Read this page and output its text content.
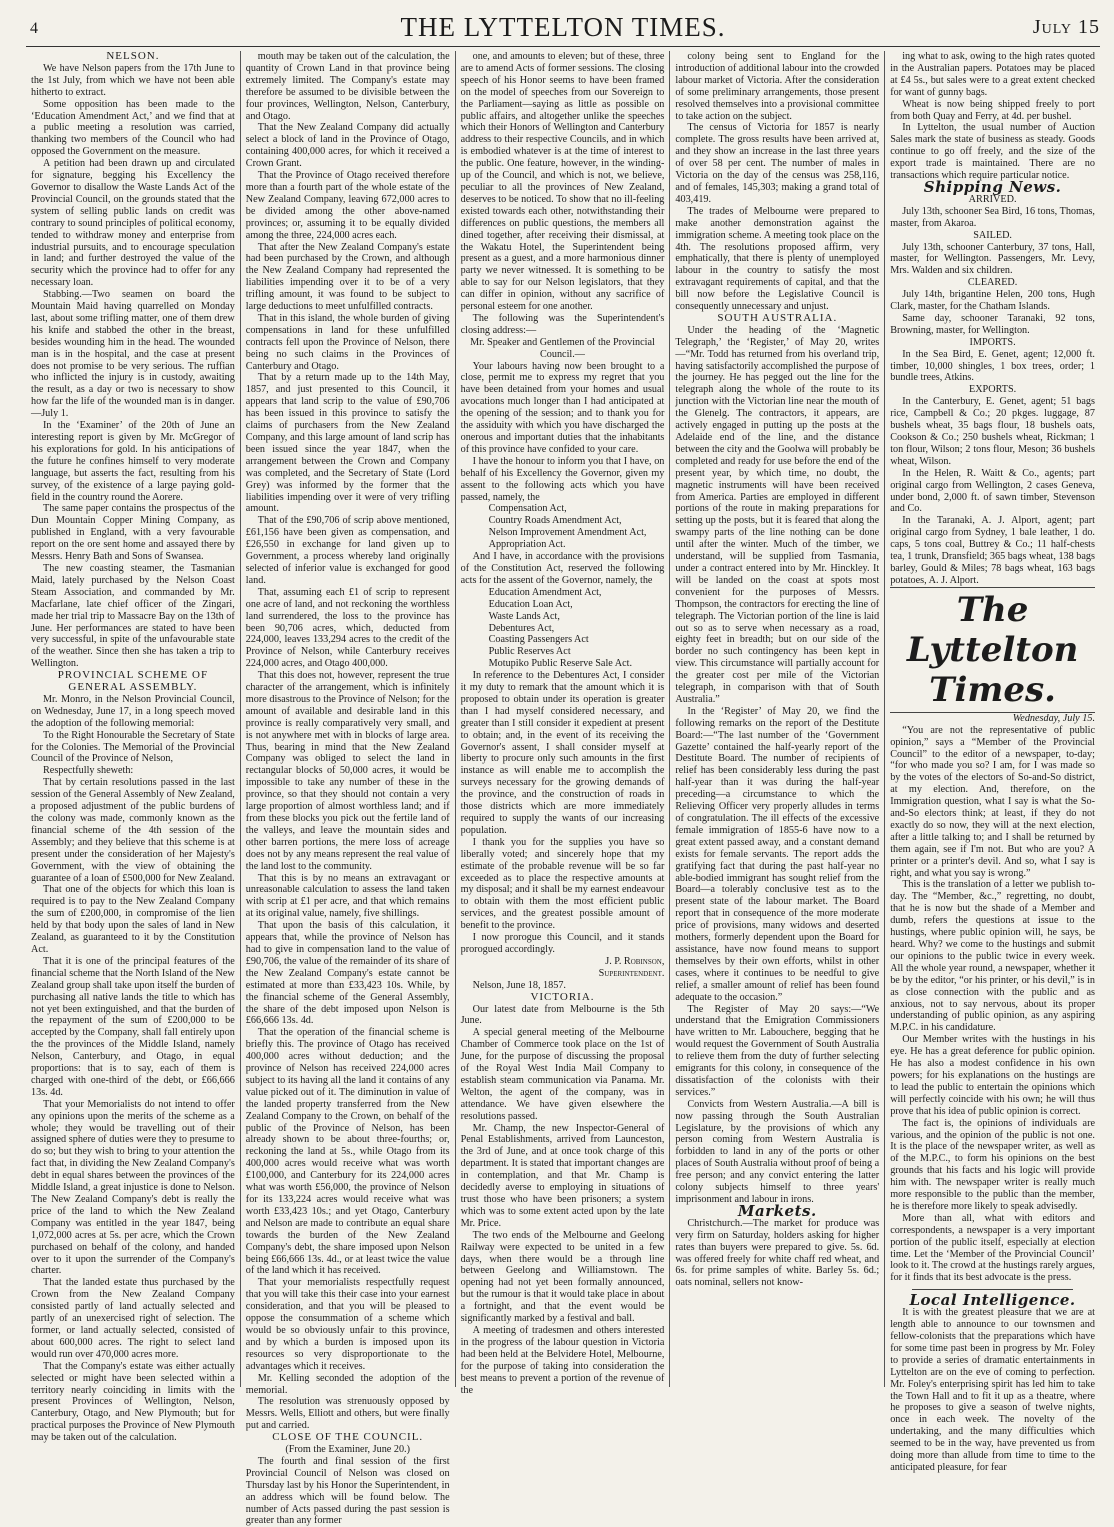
4	THE LYTTELTON TIMES.	July 15

NELSON.

We have Nelson papers from the 17th June to the 1st July, from which we have not been able hitherto to extract.

Some opposition has been made to the ‘Education Amendment Act,’ and we find that at a public meeting a resolution was carried, thanking two members of the Council who had opposed the Government on the measure.

A petition had been drawn up and circulated for signature, begging his Excellency the Governor to disallow the Waste Lands Act of the Provincial Council, on the grounds stated that the system of selling public lands on credit was contrary to sound principles of political economy, tended to withdraw money and enterprise from industrial pursuits, and to encourage speculation in land; and further destroyed the value of the security which the province had to offer for any necessary loan.

Stabbing.—Two seamen on board the Mountain Maid having quarrelled on Monday last, about some trifling matter, one of them drew his knife and stabbed the other in the breast, besides wounding him in the head. The wounded man is in the hospital, and the case at present does not promise to be very serious. The ruffian who inflicted the injury is in custody, awaiting the result, as a day or two is necessary to show how far the life of the wounded man is in danger.—July 1.

In the ‘Examiner’ of the 20th of June an interesting report is given by Mr. McGregor of his explorations for gold. In his anticipations of the future he confines himself to very moderate language, but asserts the fact, resulting from his survey, of the existence of a large paying gold-field in the country round the Aorere.

The same paper contains the prospectus of the Dun Mountain Copper Mining Company, as published in England, with a very favourable report on the ore sent home and assayed there by Messrs. Henry Bath and Sons of Swansea.

The new coasting steamer, the Tasmanian Maid, lately purchased by the Nelson Coast Steam Association, and commanded by Mr. Macfarlane, late chief officer of the Zingari, made her trial trip to Massacre Bay on the 13th of June. Her performances are stated to have been very successful, in spite of the unfavourable state of the weather. Since then she has taken a trip to Wellington.

PROVINCIAL SCHEME OF GENERAL ASSEMBLY.

Mr. Monro, in the Nelson Provincial Council, on Wednesday, June 17, in a long speech moved the adoption of the following memorial:

To the Right Honourable the Secretary of State for the Colonies. The Memorial of the Provincial Council of the Province of Nelson,

Respectfully sheweth:

That by certain resolutions passed in the last session of the General Assembly of New Zealand, a proposed adjustment of the public burdens of the colony was made, commonly known as the financial scheme of the 4th session of the Assembly; and they believe that this scheme is at present under the consideration of her Majesty's Government, with the view of obtaining the guarantee of a loan of £500,000 for New Zealand.

That one of the objects for which this loan is required is to pay to the New Zealand Company the sum of £200,000, in compromise of the lien held by that body upon the sales of land in New Zealand, as guaranteed to it by the Constitution Act.

That it is one of the principal features of the financial scheme that the North Island of the New Zealand group shall take upon itself the burden of purchasing all native lands the title to which has not yet been extinguished, and that the burden of the repayment of the sum of £200,000 to be accepted by the Company, shall fall entirely upon the the provinces of the Middle Island, namely Nelson, Canterbury, and Otago, in equal proportions: that is to say, each of them is charged with one-third of the debt, or £66,666 13s. 4d.

That your Memorialists do not intend to offer any opinions upon the merits of the scheme as a whole; they would be travelling out of their assigned sphere of duties were they to presume to do so; but they wish to bring to your attention the fact that, in dividing the New Zealand Company's debt in equal shares between the provinces of the Middle Island, a great injustice is done to Nelson. The New Zealand Company's debt is really the price of the land to which the New Zealand Company was entitled in the year 1847, being 1,072,000 acres at 5s. per acre, which the Crown purchased on behalf of the colony, and handed over to it upon the surrender of the Company's charter.

That the landed estate thus purchased by the Crown from the New Zealand Company consisted partly of land actually selected and partly of an unexercised right of selection. The former, or land actually selected, consisted of about 600,000 acres. The right to select land would run over 470,000 acres more.

That the Company's estate was either actually selected or might have been selected within a territory nearly coinciding in limits with the present Provinces of Wellington, Nelson, Canterbury, Otago, and New Plymouth; but for practical purposes the Province of New Plymouth may be taken out of the calculation.

mouth may be taken out of the calculation, the quantity of Crown Land in that province being extremely limited. The Company's estate may therefore be assumed to be divisible between the four provinces, Wellington, Nelson, Canterbury, and Otago.

That the New Zealand Company did actually select a block of land in the Province of Otago, containing 400,000 acres, for which it received a Crown Grant.

That the Province of Otago received therefore more than a fourth part of the whole estate of the New Zealand Company, leaving 672,000 acres to be divided among the other above-named provinces; or, assuming it to be equally divided among the three, 224,000 acres each.

That after the New Zealand Company's estate had been purchased by the Crown, and although the New Zealand Company had represented the liabilities impending over it to be of a very trifling amount, it was found to be subject to large deductions to meet unfulfilled contracts.

That in this island, the whole burden of giving compensations in land for these unfulfilled contracts fell upon the Province of Nelson, there being no such claims in the Provinces of Canterbury and Otago.

That by a return made up to the 14th May, 1857, and just presented to this Council, it appears that land scrip to the value of £90,706 has been issued in this province to satisfy the claims of purchasers from the New Zealand Company, and this large amount of land scrip has been issued since the year 1847, when the arrangement between the Crown and Company was completed, and the Secretary of State (Lord Grey) was informed by the former that the liabilities impending over it were of very trifling amount.

That of the £90,706 of scrip above mentioned, £61,156 have been given as compensation, and £26,550 in exchange for land given up to Government, a process whereby land originally selected of inferior value is exchanged for good land.

That, assuming each £1 of scrip to represent one acre of land, and not reckoning the worthless land surrendered, the loss to the province has been 90,706 acres, which, deducted from 224,000, leaves 133,294 acres to the credit of the Province of Nelson, while Canterbury receives 224,000 acres, and Otago 400,000.

That this does not, however, represent the true character of the arrangement, which is infinitely more disastrous to the Province of Nelson; for the amount of available and desirable land in this province is really comparatively very small, and is not anywhere met with in blocks of large area. Thus, bearing in mind that the New Zealand Company was obliged to select the land in rectangular blocks of 50,000 acres, it would be impossible to take any number of these in the province, so that they should not contain a very large proportion of almost worthless land; and if from these blocks you pick out the fertile land of the valleys, and leave the mountain sides and other barren portions, the mere loss of acreage does not by any means represent the real value of the land lost to the community.

That this is by no means an extravagant or unreasonable calculation to assess the land taken with scrip at £1 per acre, and that which remains at its original value, namely, five shillings.

That upon the basis of this calculation, it appears that, while the province of Nelson has had to give in compensation land to the value of £90,706, the value of the remainder of its share of the New Zealand Company's estate cannot be estimated at more than £33,423 10s. While, by the financial scheme of the General Assembly, the share of the debt imposed upon Nelson is £66,666 13s. 4d.

That the operation of the financial scheme is briefly this. The province of Otago has received 400,000 acres without deduction; and the province of Nelson has received 224,000 acres subject to its having all the land it contains of any value picked out of it. The diminution in value of the landed property transferred from the New Zealand Company to the Crown, on behalf of the public of the Province of Nelson, has been already shown to be about three-fourths; or, reckoning the land at 5s., while Otago from its 400,000 acres would receive what was worth £100,000, and Canterbury for its 224,000 acres what was worth £56,000, the province of Nelson for its 133,224 acres would receive what was worth £33,423 10s.; and yet Otago, Canterbury and Nelson are made to contribute an equal share towards the burden of the New Zealand Company's debt, the share imposed upon Nelson being £66,666 13s. 4d., or at least twice the value of the land which it has received.

That your memorialists respectfully request that you will take this their case into your earnest consideration, and that you will be pleased to oppose the consummation of a scheme which would be so obviously unfair to this province, and by which a burden is imposed upon its resources so very disproportionate to the advantages which it receives.

Mr. Kelling seconded the adoption of the memorial.

The resolution was strenuously opposed by Messrs. Wells, Elliott and others, but were finally put and carried.

CLOSE OF THE COUNCIL.

(From the Examiner, June 20.)

The fourth and final session of the first Provincial Council of Nelson was closed on Thursday last by his Honor the Superintendent, in an address which will be found below. The number of Acts passed during the past session is greater than any former

one, and amounts to eleven; but of these, three are to amend Acts of former sessions. The closing speech of his Honor seems to have been framed on the model of speeches from our Sovereign to the Parliament—saying as little as possible on public affairs, and altogether unlike the speeches which their Honors of Wellington and Canterbury address to their respective Councils, and in which is embodied whatever is at the time of interest to the public. One feature, however, in the winding-up of the Council, and which is not, we believe, peculiar to all the provinces of New Zealand, deserves to be noticed. To show that no ill-feeling existed towards each other, notwithstanding their differences on public questions, the members all dined together, after receiving their dismissal, at the Wakatu Hotel, the Superintendent being present as a guest, and a more harmonious dinner party we never witnessed. It is something to be able to say for our Nelson legislators, that they can differ in opinion, without any sacrifice of personal esteem for one another.

The following was the Superintendent's closing address:—

Mr. Speaker and Gentlemen of the Provincial Council.—

Your labours having now been brought to a close, permit me to express my regret that you have been detained from your homes and usual avocations much longer than I had anticipated at the opening of the session; and to thank you for the assiduity with which you have discharged the onerous and important duties that the inhabitants of this province have confided to your care.

I have the honour to inform you that I have, on behalf of his Excellency the Governor, given my assent to the following acts which you have passed, namely, the

Compensation Act,

Country Roads Amendment Act,

Nelson Improvement Amendment Act,

Appropriation Act.

And I have, in accordance with the provisions of the Constitution Act, reserved the following acts for the assent of the Governor, namely, the

Education Amendment Act,

Education Loan Act,

Waste Lands Act,

Debentures Act,

Coasting Passengers Act

Public Reserves Act

Motupiko Public Reserve Sale Act.

In reference to the Debentures Act, I consider it my duty to remark that the amount which it is proposed to obtain under its operation is greater than I had myself considered necessary, and greater than I still consider it expedient at present to obtain; and, in the event of its receiving the Governor's assent, I shall consider myself at liberty to procure only such amounts in the first instance as will enable me to accomplish the surveys necessary for the growing demands of the province, and the construction of roads in those districts which are more immediately required to supply the wants of our increasing population.

I thank you for the supplies you have so liberally voted; and sincerely hope that my estimate of the probable revenue will be so far exceeded as to place the respective amounts at my disposal; and it shall be my earnest endeavour to obtain with them the most efficient public services, and the greatest possible amount of benefit to the province.

I now prorogue this Council, and it stands prorogued accordingly.

J. P. Robinson,

Superintendent.

Nelson, June 18, 1857.

VICTORIA.

Our latest date from Melbourne is the 5th June.

A special general meeting of the Melbourne Chamber of Commerce took place on the 1st of June, for the purpose of discussing the proposal of the Royal West India Mail Company to establish steam communication via Panama. Mr. Welton, the agent of the company, was in attendance. We have given elsewhere the resolutions passed.

Mr. Champ, the new Inspector-General of Penal Establishments, arrived from Launceston, the 3rd of June, and at once took charge of this department. It is stated that important changes are in contemplation, and that Mr. Champ is decidedly averse to employing in situations of trust those who have been prisoners; a system which was to some extent acted upon by the late Mr. Price.

The two ends of the Melbourne and Geelong Railway were expected to be united in a few days, when there would be a through line between Geelong and Williamstown. The opening had not yet been formally announced, but the rumour is that it would take place in about a fortnight, and that the event would be significantly marked by a festival and ball.

A meeting of tradesmen and others interested in the progress of the labour question in Victoria had been held at the Belvidere Hotel, Melbourne, for the purpose of taking into consideration the best means to prevent a portion of the revenue of the

colony being sent to England for the introduction of additional labour into the crowded labour market of Victoria. After the consideration of some preliminary arrangements, those present resolved themselves into a provisional committee to take action on the subject.

The census of Victoria for 1857 is nearly complete. The gross results have been arrived at, and they show an increase in the last three years of over 58 per cent. The number of males in Victoria on the day of the census was 258,116, and of females, 145,303; making a grand total of 403,419.

The trades of Melbourne were prepared to make another demonstration against the immigration scheme. A meeting took place on the 4th. The resolutions proposed affirm, very emphatically, that there is plenty of unemployed labour in the country to satisfy the most extravagant requirements of capital, and that the bill now before the Legislative Council is consequently unnecessary and unjust.

SOUTH AUSTRALIA.

Under the heading of the ‘Magnetic Telegraph,’ the ‘Register,’ of May 20, writes—“Mr. Todd has returned from his overland trip, having satisfactorily accomplished the purpose of the journey. He has pegged out the line for the telegraph along the whole of the route to its junction with the Victorian line near the mouth of the Glenelg. The contractors, it appears, are actively engaged in putting up the posts at the Adelaide end of the line, and the distance between the city and the Goolwa will probably be completed and ready for use before the end of the present year, by which time, no doubt, the magnetic instruments will have been received from America. Parties are employed in different portions of the route in making preparations for setting up the posts, but it is feared that along the swampy parts of the line nothing can be done until after the winter. Much of the timber, we understand, will be supplied from Tasmania, under a contract entered into by Mr. Hinckley. It will be landed on the coast at spots most convenient for the purposes of Messrs. Thompson, the contractors for erecting the line of telegraph. The Victorian portion of the line is laid out so as to serve when necessary as a road, eighty feet in breadth; but on our side of the border no such contingency has been kept in view. This circumstance will partially account for the greater cost per mile of the Victorian telegraph, in comparison with that of South Australia.”

In the ‘Register’ of May 20, we find the following remarks on the report of the Destitute Board:—“The last number of the ‘Government Gazette’ contained the half-yearly report of the Destitute Board. The number of recipients of relief has been considerably less during the past half-year than it was during the half-year preceding—a circumstance to which the Relieving Officer very properly alludes in terms of congratulation. The ill effects of the excessive female immigration of 1855-6 have now to a great extent passed away, and a constant demand exists for female servants. The report adds the gratifying fact that during the past half-year no able-bodied immigrant has sought relief from the Board—a tolerably conclusive test as to the present state of the labour market. The Board report that in consequence of the more moderate price of provisions, many widows and deserted mothers, formerly dependent upon the Board for assistance, have now found means to support themselves by their own efforts, whilst in other cases, where it continues to be needful to give relief, a smaller amount of relief has been found adequate to the occasion.”

The Register of May 20 says:—“We understand that the Emigration Commissioners have written to Mr. Labouchere, begging that he would request the Government of South Australia to relieve them from the duty of further selecting emigrants for this colony, in consequence of the dissatisfaction of the colonists with their services.”

Convicts from Western Australia.—A bill is now passing through the South Australian Legislature, by the provisions of which any person coming from Western Australia is forbidden to land in any of the ports or other places of South Australia without proof of being a free person; and any convict entering the latter colony subjects himself to three years' imprisonment and labour in irons.

Markets.

Christchurch.—The market for produce was very firm on Saturday, holders asking for higher rates than buyers were prepared to give. 5s. 6d. was offered freely for white chaff red wheat, and 6s. for prime samples of white. Barley 5s. 6d.; oats nominal, sellers not know-

ing what to ask, owing to the high rates quoted in the Australian papers. Potatoes may be placed at £4 5s., but sales were to a great extent checked for want of gunny bags.

Wheat is now being shipped freely to port from both Quay and Ferry, at 4d. per bushel.

In Lyttelton, the usual number of Auction Sales mark the state of business as steady. Goods continue to go off freely, and the size of the export trade is maintained. There are no transactions which require particular notice.

Shipping News.

ARRIVED.

July 13th, schooner Sea Bird, 16 tons, Thomas, master, from Akaroa.

SAILED.

July 13th, schooner Canterbury, 37 tons, Hall, master, for Wellington. Passengers, Mr. Levy, Mrs. Walden and six children.

CLEARED.

July 14th, brigantine Helen, 200 tons, Hugh Clark, master, for the Chatham Islands.

Same day, schooner Taranaki, 92 tons, Browning, master, for Wellington.

IMPORTS.

In the Sea Bird, E. Genet, agent; 12,000 ft. timber, 10,000 shingles, 1 box trees, order; 1 bundle trees, Atkins.

EXPORTS.

In the Canterbury, E. Genet, agent; 51 bags rice, Campbell & Co.; 20 pkges. luggage, 87 bushels wheat, 35 bags flour, 18 bushels oats, Cookson & Co.; 250 bushels wheat, Rickman; 1 ton flour, Wilson; 2 tons flour, Meson; 36 bushels wheat, Wilson.

In the Helen, R. Waitt & Co., agents; part original cargo from Wellington, 2 cases Geneva, under bond, 2,000 ft. of sawn timber, Stevenson and Co.

In the Taranaki, A. J. Alport, agent; part original cargo from Sydney, 1 bale leather, 1 do. caps, 5 tons coal, Buttrey & Co.; 11 half-chests tea, 1 trunk, Dransfield; 365 bags wheat, 138 bags barley, Gould & Miles; 78 bags wheat, 163 bags potatoes, A. J. Alport.

The Lyttelton Times.

Wednesday, July 15.

“You are not the representative of public opinion,” says a “Member of the Provincial Council” to the editor of a newspaper, to-day; “for who made you so? I am, for I was made so by the votes of the electors of So-and-So district, at my election. And, therefore, on the Immigration question, what I say is what the So-and-So electors think; at least, if they do not exactly do so now, they will at the next election, after a little talking to; and I shall be returned by them again, see if I'm not. But who are you? A printer or a printer's devil. And so, what I say is right, and what you say is wrong.”

This is the translation of a letter we publish to-day. The “Member, &c.,” regretting, no doubt, that he is now but the shade of a Member and dumb, refers the questions at issue to the hustings, where public opinion will, he says, be heard. Why? we come to the hustings and submit our opinions to the public twice in every week. All the whole year round, a newspaper, whether it be by the editor, “or his printer, or his devil,” is in as close connection with the public and as anxious, not to say nervous, about its proper understanding of public opinion, as any aspiring M.P.C. in his candidature.

Our Member writes with the hustings in his eye. He has a great deference for public opinion. He has also a modest confidence in his own powers; for his explanations on the hustings are to lead the public to entertain the opinions which will perfectly coincide with his own; he will thus prove that his idea of public opinion is correct.

The fact is, the opinions of individuals are various, and the opinion of the public is not one. It is the place of the newspaper writer, as well as of the M.P.C., to form his opinions on the best grounds that his facts and his logic will provide him with. The newspaper writer is really much more responsible to the public than the member, he is therefore more likely to speak advisedly.

More than all, what with editors and correspondents, a newspaper is a very important portion of the public itself, especially at election time. Let the ‘Member of the Provincial Council’ look to it. The crowd at the hustings rarely argues, for it finds that its best advocate is the press.

Local Intelligence.

It is with the greatest pleasure that we are at length able to announce to our townsmen and fellow-colonists that the preparations which have for some time past been in progress by Mr. Foley to provide a series of dramatic entertainments in Lyttelton are on the eve of coming to perfection. Mr. Foley's enterprising spirit has led him to take the Town Hall and to fit it up as a theatre, where he proposes to give a season of twelve nights, once in each week. The novelty of the undertaking, and the many difficulties which seemed to be in the way, have prevented us from doing more than allude from time to time to the anticipated pleasure, for fear
